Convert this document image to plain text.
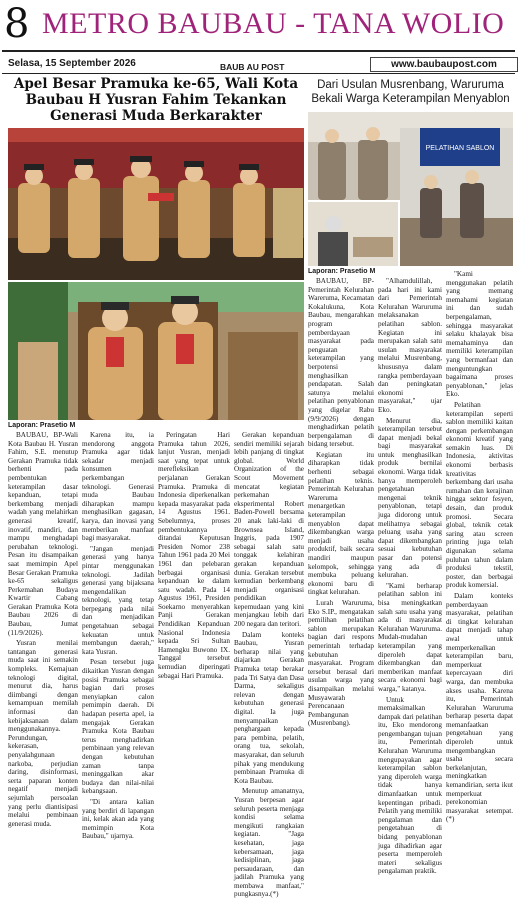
8 METRO BAUBAU - TANA WOLIO
Selasa, 15 September 2026	BAUB AU POST	www.baubaupost.com
Apel Besar Pramuka ke-65, Wali Kota Baubau H Yusran Fahim Tekankan Generasi Muda Berkarakter
Laporan: Prasetio M

BAUBAU, BP-Wali Kota Baubau H. Yusran Fahim, S.E. menutup Gerakan Pramuka tidak berhenti pada pembentukan keterampilan dasar kepanduan, tetapi berkembang menjadi wadah yang melahirkan generasi kreatif, inovatif, mandiri, dan mampu menghadapi perubahan teknologi. Pesan itu disampaikan saat memimpin Apel Besar Gerakan Pramuka ke-65 sekaligus Perkemahan Budaya Kwartir Cabang Gerakan Pramuka Kota Baubau 2026 di Baubau, Jumat (11/9/2026).

Yusran menilai tantangan generasi muda saat ini semakin kompleks. Kemajuan teknologi digital, menurut dia, harus diimbangi dengan kemampuan memilah informasi dan kebijaksanaan dalam menggunakannya. Perundungan, kekerasan, penyalahgunaan narkoba, perjudian daring, disinformasi, serta paparan konten negatif menjadi sejumlah persoalan yang perlu diantisipasi melalui pembinaan generasi muda.

Karena itu, ia mendorong anggota Pramuka agar tidak sekadar menjadi konsumen perkembangan teknologi. Generasi muda Baubau diharapkan mampu menghasilkan gagasan, karya, dan inovasi yang memberikan manfaat bagi masyarakat.

"Jangan menjadi generasi yang hanya pintar menggunakan teknologi. Jadilah generasi yang bijaksana mengendalikan teknologi, yang tetap berpegang pada nilai dan menjadikan pengetahuan sebagai kekuatan untuk membangun daerah," kata Yusran.

Pesan tersebut juga dikaitkan Yusran dengan posisi Pramuka sebagai bagian dari proses menyiapkan calon pemimpin daerah. Di hadapan peserta apel, ia mengajak Gerakan Pramuka Kota Baubau terus menghadirkan pembinaan yang relevan dengan kebutuhan zaman tanpa meninggalkan akar budaya dan nilai-nilai kebangsaan.

"Di antara kalian yang berdiri di lapangan ini, kelak akan ada yang memimpin Kota Baubau," ujarnya.

Peringatan Hari Pramuka tahun 2026, lanjut Yusran, menjadi saat yang tepat untuk merefleksikan perjalanan Gerakan Pramuka. Pramuka di Indonesia diperkenalkan kepada masyarakat pada 14 Agustus 1961. Sebelumnya, proses pembentukannya ditandai Keputusan Presiden Nomor 238 Tahun 1961 pada 20 Mei 1961 dan pelebaran berbagai organisasi kepanduan ke dalam satu wadah. Pada 14 Agustus 1961, Presiden Soekarno menyerahkan Panji Gerakan Pendidikan Kepanduan Nasional Indonesia kepada Sri Sultan Hamengku Buwono IX. Tanggal tersebut kemudian diperingati sebagai Hari Pramuka.

Gerakan kepanduan sendiri memiliki sejarah lebih panjang di tingkat global. World Organization of the Scout Movement mencatat kegiatan perkemahan eksperimental Robert Baden-Powell bersama 20 anak laki-laki di Brownsea Island, Inggris, pada 1907 sebagai salah satu tonggak kelahiran gerakan kepanduan dunia. Gerakan tersebut kemudian berkembang menjadi organisasi pendidikan kepemudaan yang kini menjangkau lebih dari 200 negara dan teritori.

Dalam konteks Baubau, Yusran berharap nilai yang diajarkan Gerakan Pramuka tetap berakar pada Tri Satya dan Dasa Darma, sekaligus relevan dengan kebutuhan generasi digital. Ia juga menyampaikan penghargaan kepada para pembina, pelatih, orang tua, sekolah, masyarakat, dan seluruh pihak yang mendukung pembinaan Pramuka di Kota Baubau.

Menutup amanatnya, Yusran berpesan agar seluruh peserta menjaga kondisi selama mengikuti rangkaian kegiatan. "Jaga kesehatan, jaga kebersamaan, jaga kedisiplinan, jaga persaudaraan, dan jadilah Pramuka yang membawa manfaat," pungkasnya.(*)

Dari Usulan Musrenbang, Warurumа Bekali Warga Keterampilan Menyablon
PELATIHAN SABLON
Laporan: Prasetio M

BAUBAU, BP-Pemerintah Kelurahan Wareruma, Kecamatan Kokalukuna, Kota Baubau, mengarahkan program pemberdayaan masyarakat pada penguatan keterampilan yang berpotensi menghasilkan pendapatan. Salah satunya melalui pelatihan penyablonan yang digelar Rabu (9/9/2026) dengan menghadirkan pelatih berpengalaman di bidang tersebut.

Kegiatan itu diharapkan tidak berhenti sebagai pelatihan teknis. Pemerintah Kelurahan Wareruma menargetkan keterampilan menyablon dapat dikembangkan warga menjadi usaha produktif, baik secara mandiri maupun kelompok, sehingga membuka peluang ekonomi baru di tingkat kelurahan.

Lurah Warurumа, Eko S.IP., mengatakan pemilihan pelatihan sablon merupakan bagian dari respons pemerintah terhadap kebutuhan masyarakat. Program tersebut berasal dari usulan warga yang disampaikan melalui Musyawarah Perencanaan Pembangunan (Musrenbang).

"Alhamdulillah, pada hari ini kami dari Pemerintah Kelurahan Warurumа melaksanakan pelatihan sablon. Kegiatan ini merupakan salah satu usulan masyarakat melalui Musrenbang, khususnya dalam rangka pemberdayaan dan peningkatan ekonomi masyarakat," ujar Eko.

Menurut dia, keterampilan tersebut dapat menjadi bekal bagi masyarakat untuk menghasilkan produk bernilai ekonomi. Warga tidak hanya memperoleh pengetahuan mengenai teknik penyablonan, tetapi juga didorong untuk melihatnya sebagai peluang usaha yang dapat dikembangkan sesuai kebutuhan pasar dan potensi yang ada di kelurahan.

"Kami berharap pelatihan sablon ini bisa meningkatkan salah satu usaha yang ada di masyarakat Kelurahan Warurumа. Mudah-mudahan keterampilan yang diperoleh dapat dikembangkan dan memberikan manfaat secara ekonomi bagi warga," katanya.

Untuk memaksimalkan dampak dari pelatihan itu, Eko mendorong pengembangan tujuan itu, Pemerintah Kelurahan Warurumа mengupayakan agar keterampilan sablon yang diperoleh warga tidak hanya dimanfaatkan untuk kepentingan pribadi. Pelatih yang memiliki pengalaman dan pengetahuan di bidang penyablonan juga dihadirkan agar peserta memperoleh materi sekaligus pengalaman praktik.

"Kami menggunakan pelatih yang memang memahami kegiatan ini dan sudah berpengalaman, sehingga masyarakat selaku khalayak bisa memahaminya dan memiliki keterampilan yang bermanfaat dan menguntungkan bagaimana proses penyablonan," jelas Eko.

Pelatihan keterampilan seperti sablon memiliki kaitan dengan perkembangan ekonomi kreatif yang semakin luas. Di Indonesia, aktivitas ekonomi berbasis kreativitas berkembang dari usaha rumahan dan kerajinan hingga sektor fesyen, desain, dan produk promosi. Secara global, teknik cetak saring atau screen printing juga telah digunakan selama puluhan tahun dalam produksi tekstil, poster, dan berbagai produk komersial.

Dalam konteks pemberdayaan masyarakat, pelatihan di tingkat kelurahan dapat menjadi tahap awal untuk memperkenalkan keterampilan baru, memperkuat kepercayaan diri warga, dan membuka akses usaha. Karena itu, Pemerintah Kelurahan Warurumа berharap peserta dapat memanfaatkan pengetahuan yang diperoleh untuk mengembangkan usaha secara berkelanjutan, meningkatkan kemandirian, serta ikut memperkuat perekonomian masyarakat setempat.(*)
